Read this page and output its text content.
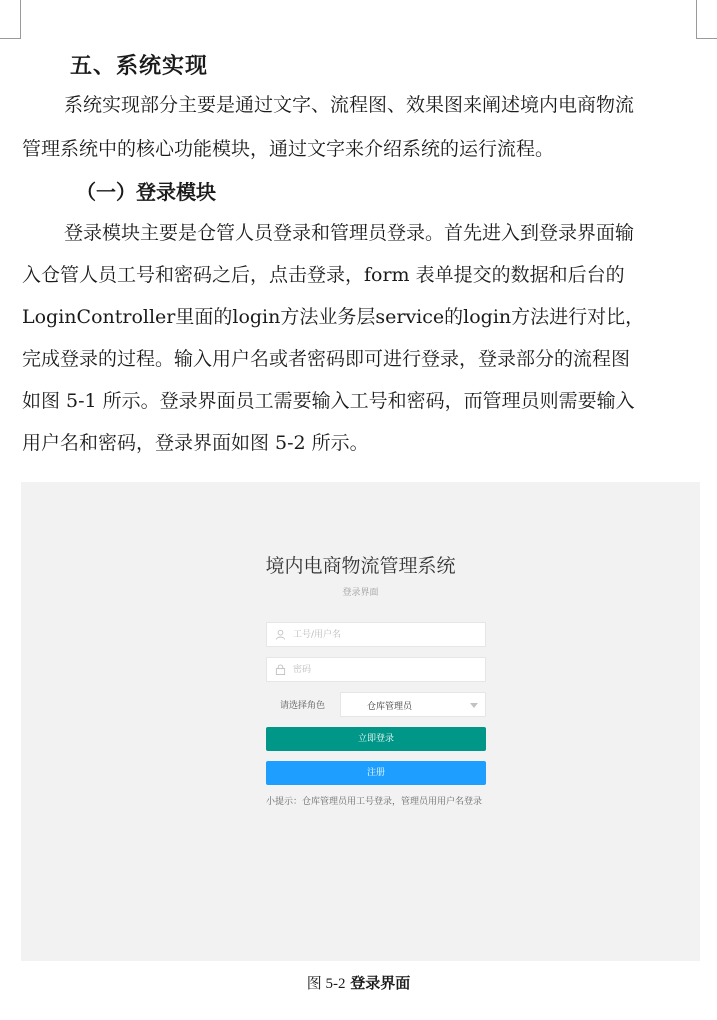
五、系统实现
系统实现部分主要是通过文字、流程图、效果图来阐述境内电商物流
管理系统中的核心功能模块，通过文字来介绍系统的运行流程。
（一）登录模块
登录模块主要是仓管人员登录和管理员登录。首先进入到登录界面输
入仓管人员工号和密码之后，点击登录，form 表单提交的数据和后台的
LoginController里面的login方法业务层service的login方法进行对比，
完成登录的过程。输入用户名或者密码即可进行登录，登录部分的流程图
如图 5-1 所示。登录界面员工需要输入工号和密码，而管理员则需要输入
用户名和密码，登录界面如图 5-2 所示。
境内电商物流管理系统
登录界面
工号/用户名
请选择角色	仓库管理员
立即登录
注册
小提示：仓库管理员用工号登录，管理员用用户名登录
图 5-2 登录界面
